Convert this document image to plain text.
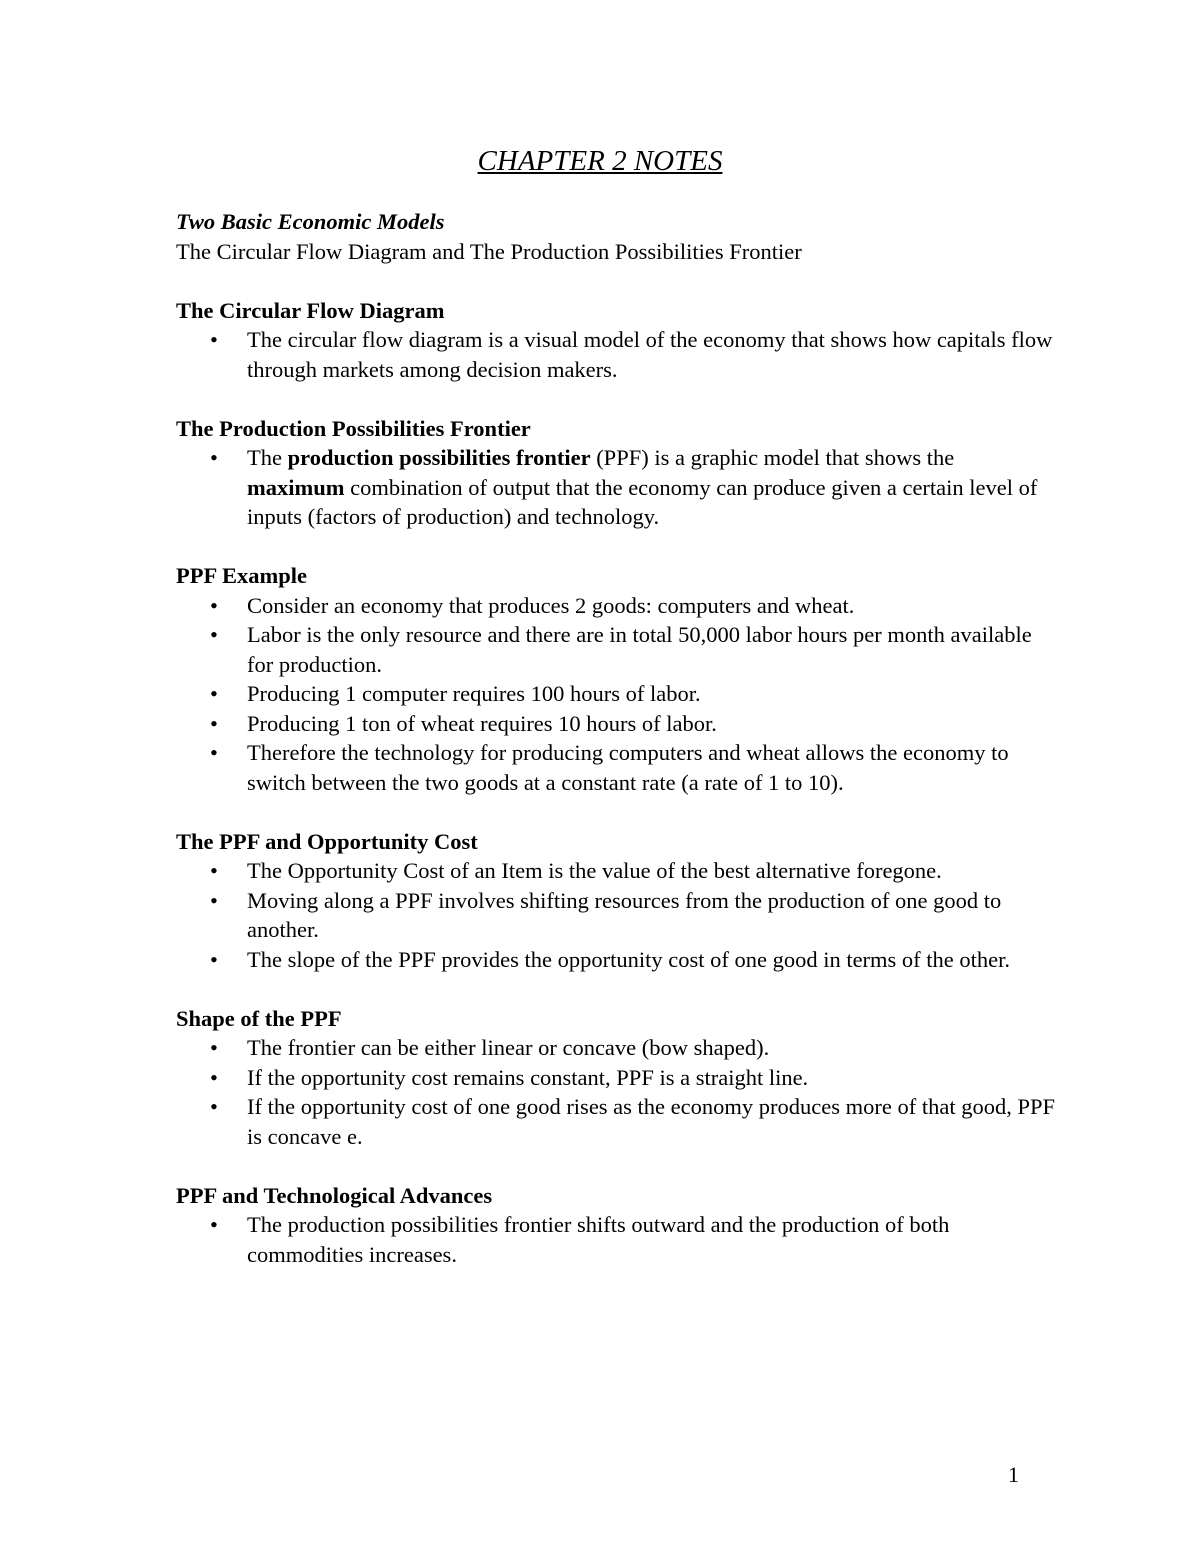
CHAPTER 2 NOTES
Two Basic Economic Models
The Circular Flow Diagram and The Production Possibilities Frontier
The Circular Flow Diagram
• The circular flow diagram is a visual model of the economy that shows how capitals flow through markets among decision makers.
The Production Possibilities Frontier
• The production possibilities frontier (PPF) is a graphic model that shows the maximum combination of output that the economy can produce given a certain level of inputs (factors of production) and technology.
PPF Example
• Consider an economy that produces 2 goods: computers and wheat.
• Labor is the only resource and there are in total 50,000 labor hours per month available for production.
• Producing 1 computer requires 100 hours of labor.
• Producing 1 ton of wheat requires 10 hours of labor.
• Therefore the technology for producing computers and wheat allows the economy to switch between the two goods at a constant rate (a rate of 1 to 10).
The PPF and Opportunity Cost
• The Opportunity Cost of an Item is the value of the best alternative foregone.
• Moving along a PPF involves shifting resources from the production of one good to another.
• The slope of the PPF provides the opportunity cost of one good in terms of the other.
Shape of the PPF
• The frontier can be either linear or concave (bow shaped).
• If the opportunity cost remains constant, PPF is a straight line.
• If the opportunity cost of one good rises as the economy produces more of that good, PPF is concave e.
PPF and Technological Advances
• The production possibilities frontier shifts outward and the production of both commodities increases.
1
